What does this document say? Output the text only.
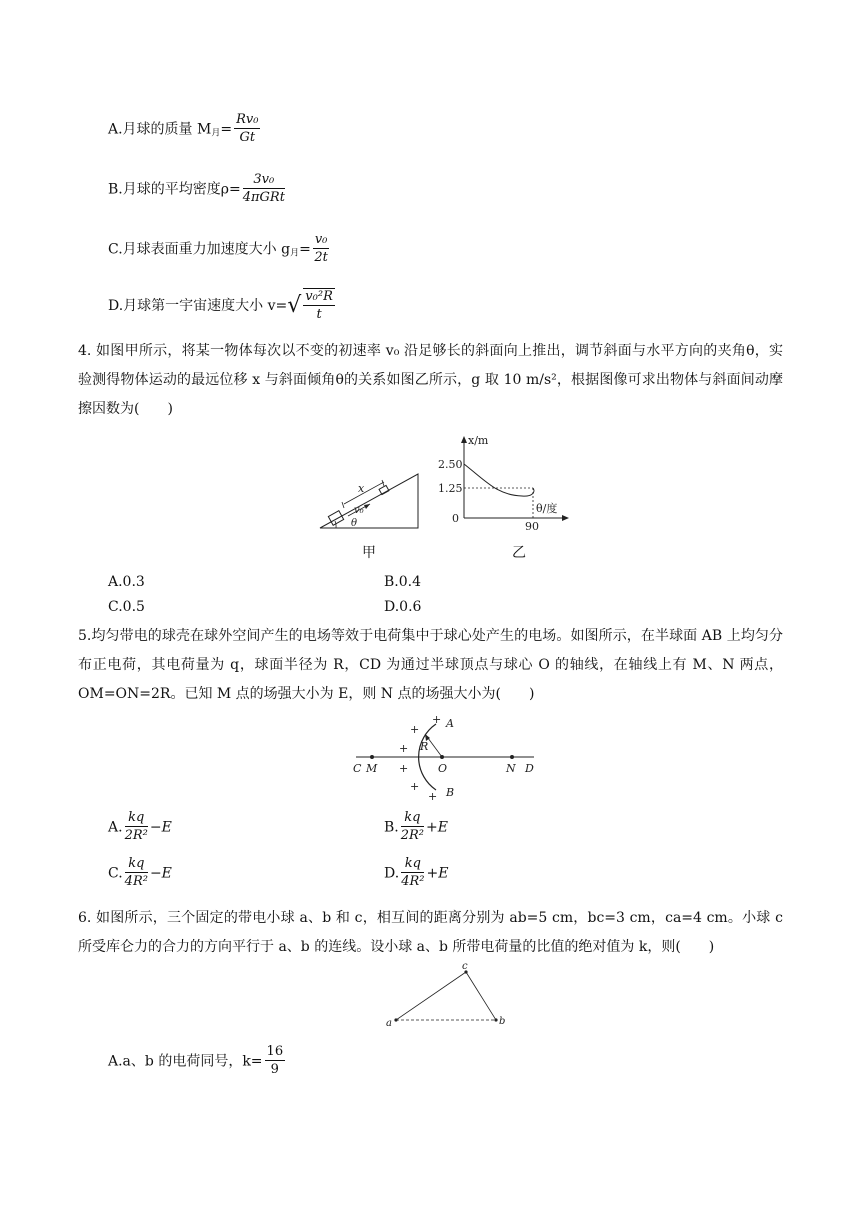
A.月球的质量 $M_月= \frac{\text{Rv₀}}{Gt}$
B.月球的平均密度$\rho= \frac{\text{3v₀}}{\text{4πGRt}}$
C.月球表面重力加速度大小 $g_月= \frac{\text{v₀}}{2t}$
D.月球第一宇宙速度大小 $v=√ \frac{\text{v₀²R}}{t}$
4. 如图甲所示，将某一物体每次以不变的初速率 v₀ 沿足够长的斜面向上推出，调节斜面与水平方向的夹角θ，实验测得物体运动的最远位移 x 与斜面倾角θ的关系如图乙所示，g 取 10 m/s²，根据图像可求出物体与斜面间动摩擦因数为(　　)
x
v₀
θ
甲
x/m
2.50
1.25
0
θ/度
90
乙
A.0.3	B.0.4
C.0.5	D.0.6
5.均匀带电的球壳在球外空间产生的电场等效于电荷集中于球心处产生的电场。如图所示，在半球面 AB 上均匀分布正电荷，其电荷量为 q，球面半径为 R，CD 为通过半球顶点与球心 O 的轴线，在轴线上有 M、N 两点，OM=ON=2R。已知 M 点的场强大小为 E，则 N 点的场强大小为(　　)
+
+
+
+
+
+
A
B
R
C M	O	N D
A. $\frac{kq}{\text{2R²}} -E$	B. $\frac{kq}{\text{2R²}} +E$
C. $\frac{kq}{\text{4R²}} -E$	D. $\frac{kq}{\text{4R²}} +E$
6. 如图所示，三个固定的带电小球 a、b 和 c，相互间的距离分别为 ab=5 cm，bc=3 cm，ca=4 cm。小球 c 所受库仑力的合力的方向平行于 a、b 的连线。设小球 a、b 所带电荷量的比值的绝对值为 k，则(　　)
a
c
b
A.a、b 的电荷同号，$k= \frac{16}{9}$
